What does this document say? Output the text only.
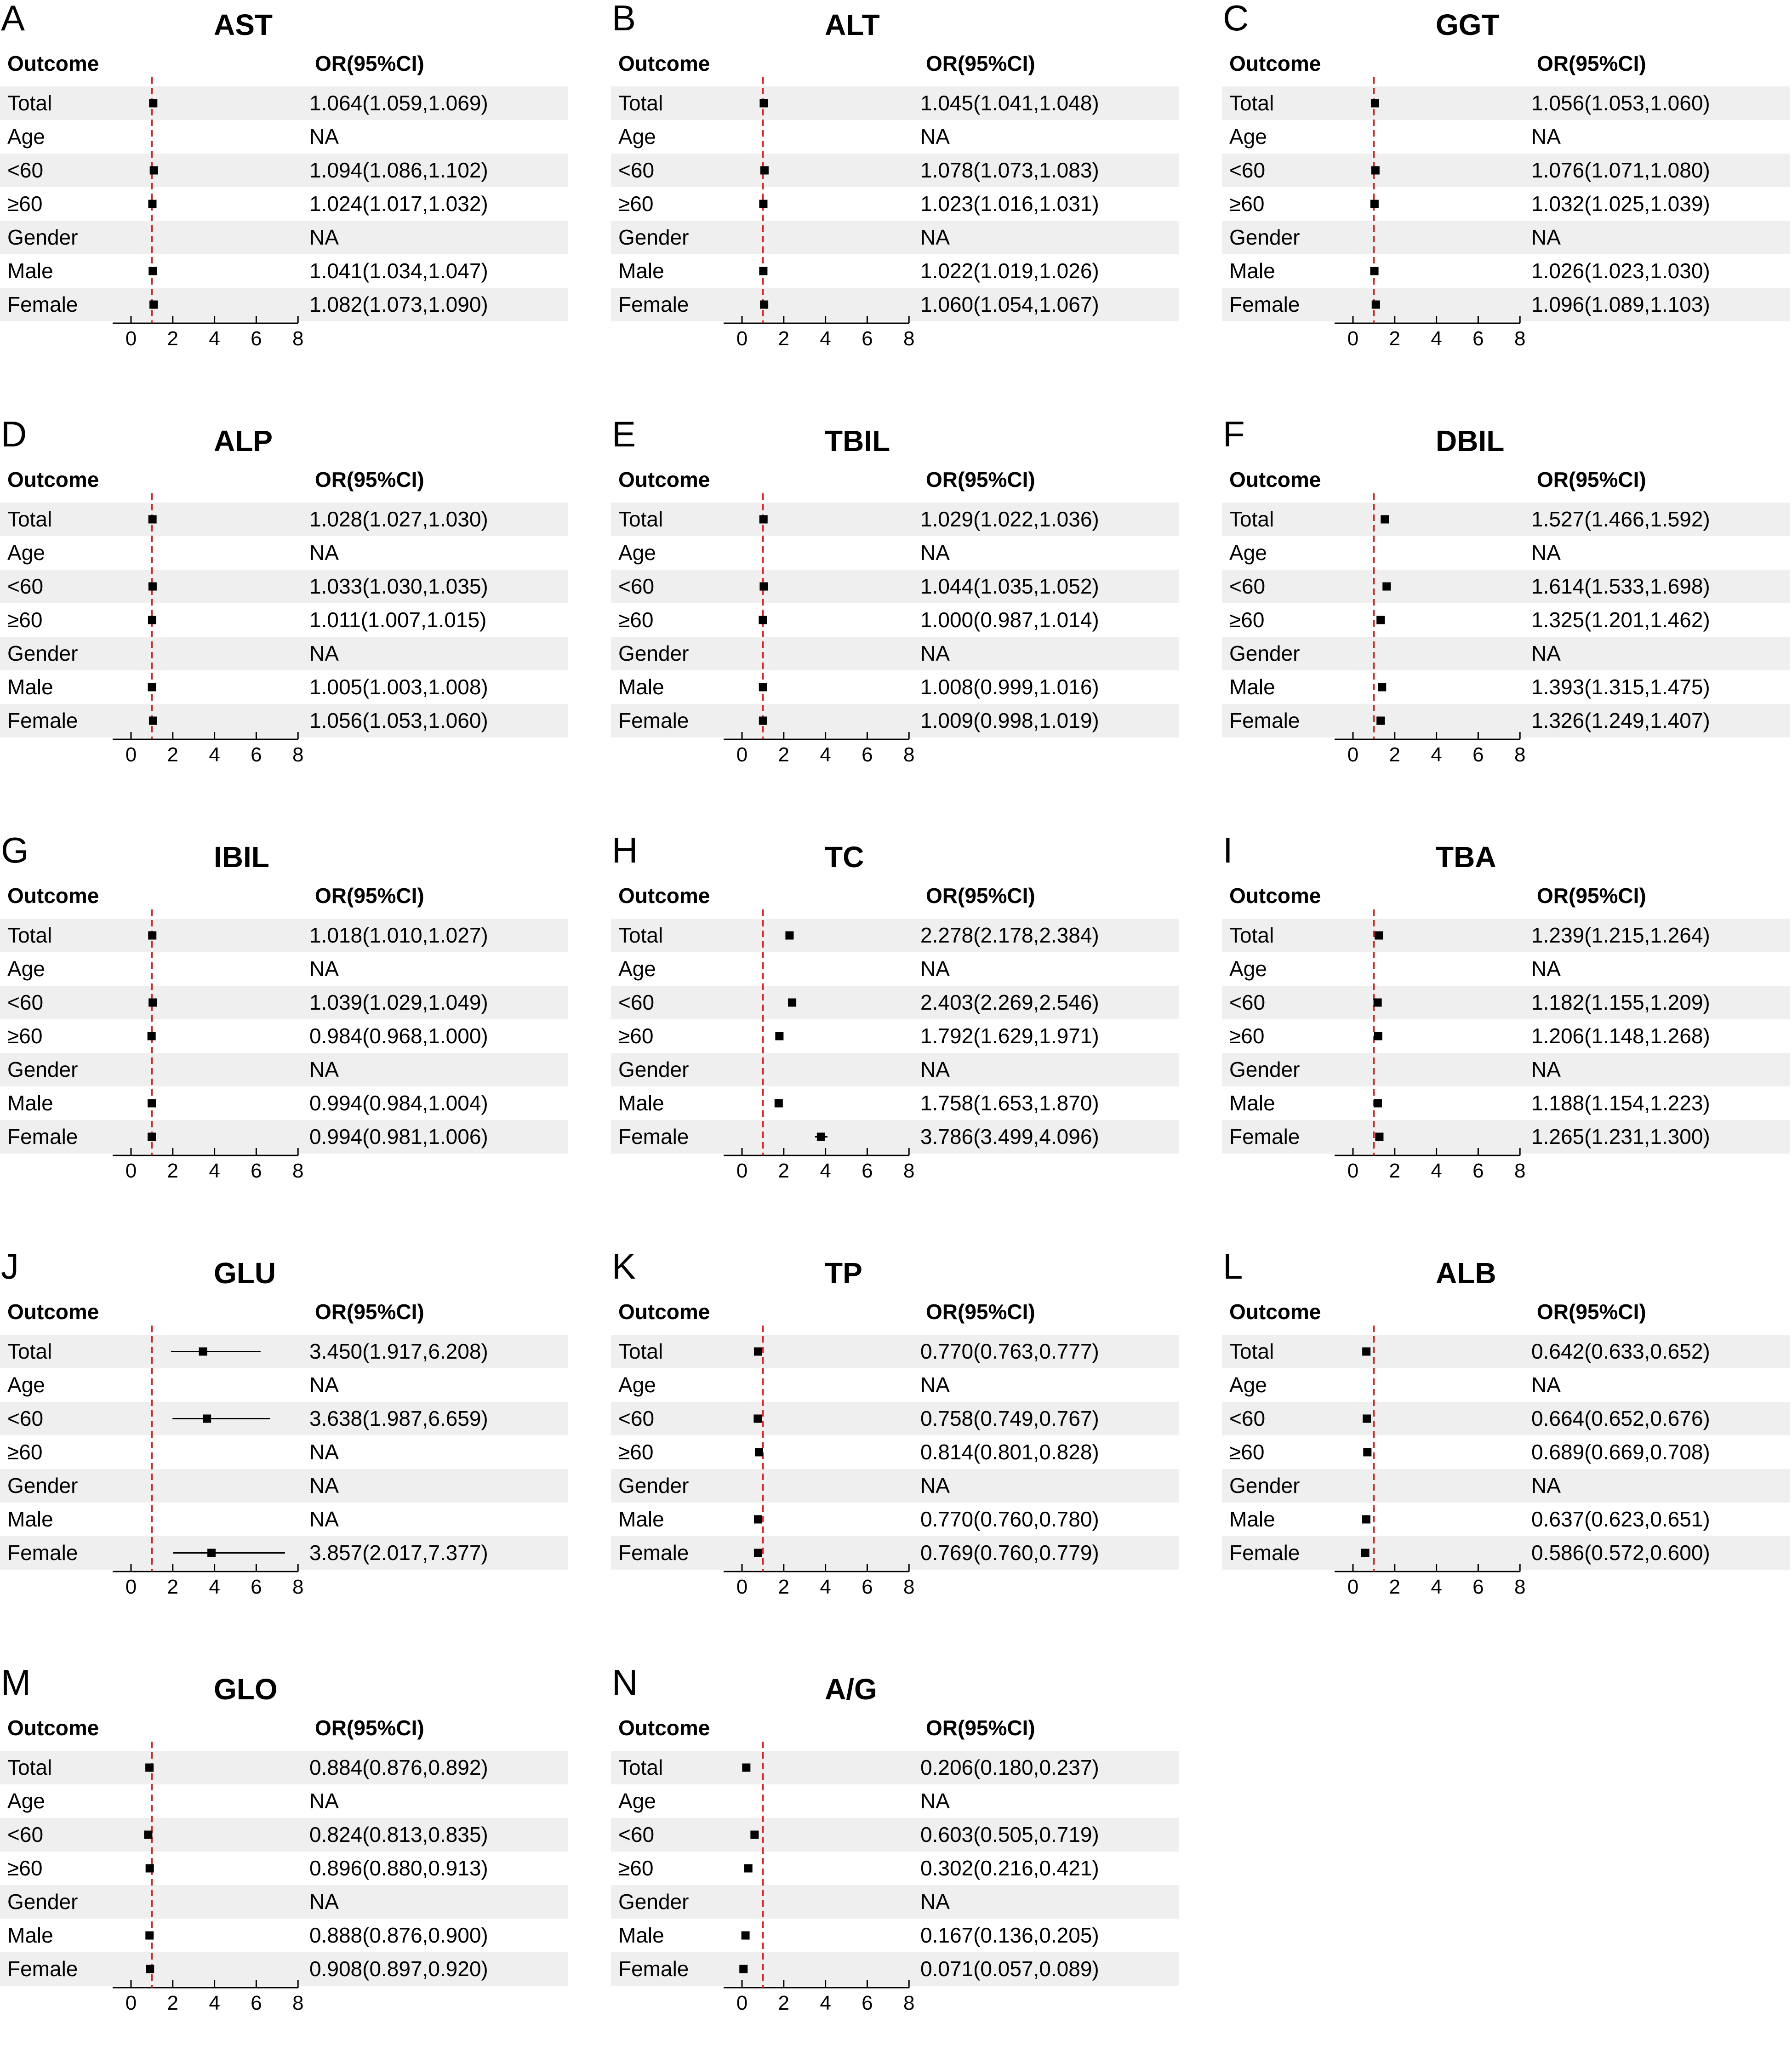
A	AST
Outcome	OR(95%CI)
Total	1.064(1.059,1.069)
Age	NA
<60	1.094(1.086,1.102)
≥60	1.024(1.017,1.032)
Gender	NA
Male	1.041(1.034,1.047)
Female	1.082(1.073,1.090)
0 2 4 6 8
B	ALT
Outcome	OR(95%CI)
Total	1.045(1.041,1.048)
Age	NA
<60	1.078(1.073,1.083)
≥60	1.023(1.016,1.031)
Gender	NA
Male	1.022(1.019,1.026)
Female	1.060(1.054,1.067)
0 2 4 6 8
C	GGT
Outcome	OR(95%CI)
Total	1.056(1.053,1.060)
Age	NA
<60	1.076(1.071,1.080)
≥60	1.032(1.025,1.039)
Gender	NA
Male	1.026(1.023,1.030)
Female	1.096(1.089,1.103)
0 2 4 6 8
D	ALP
Outcome	OR(95%CI)
Total	1.028(1.027,1.030)
Age	NA
<60	1.033(1.030,1.035)
≥60	1.011(1.007,1.015)
Gender	NA
Male	1.005(1.003,1.008)
Female	1.056(1.053,1.060)
0 2 4 6 8
E	TBIL
Outcome	OR(95%CI)
Total	1.029(1.022,1.036)
Age	NA
<60	1.044(1.035,1.052)
≥60	1.000(0.987,1.014)
Gender	NA
Male	1.008(0.999,1.016)
Female	1.009(0.998,1.019)
0 2 4 6 8
F	DBIL
Outcome	OR(95%CI)
Total	1.527(1.466,1.592)
Age	NA
<60	1.614(1.533,1.698)
≥60	1.325(1.201,1.462)
Gender	NA
Male	1.393(1.315,1.475)
Female	1.326(1.249,1.407)
0 2 4 6 8
G	IBIL
Outcome	OR(95%CI)
Total	1.018(1.010,1.027)
Age	NA
<60	1.039(1.029,1.049)
≥60	0.984(0.968,1.000)
Gender	NA
Male	0.994(0.984,1.004)
Female	0.994(0.981,1.006)
0 2 4 6 8
H	TC
Outcome	OR(95%CI)
Total	2.278(2.178,2.384)
Age	NA
<60	2.403(2.269,2.546)
≥60	1.792(1.629,1.971)
Gender	NA
Male	1.758(1.653,1.870)
Female	3.786(3.499,4.096)
0 2 4 6 8
I	TBA
Outcome	OR(95%CI)
Total	1.239(1.215,1.264)
Age	NA
<60	1.182(1.155,1.209)
≥60	1.206(1.148,1.268)
Gender	NA
Male	1.188(1.154,1.223)
Female	1.265(1.231,1.300)
0 2 4 6 8
J	GLU
Outcome	OR(95%CI)
Total	3.450(1.917,6.208)
Age	NA
<60	3.638(1.987,6.659)
≥60	NA
Gender	NA
Male	NA
Female	3.857(2.017,7.377)
0 2 4 6 8
K	TP
Outcome	OR(95%CI)
Total	0.770(0.763,0.777)
Age	NA
<60	0.758(0.749,0.767)
≥60	0.814(0.801,0.828)
Gender	NA
Male	0.770(0.760,0.780)
Female	0.769(0.760,0.779)
0 2 4 6 8
L	ALB
Outcome	OR(95%CI)
Total	0.642(0.633,0.652)
Age	NA
<60	0.664(0.652,0.676)
≥60	0.689(0.669,0.708)
Gender	NA
Male	0.637(0.623,0.651)
Female	0.586(0.572,0.600)
0 2 4 6 8
M	GLO
Outcome	OR(95%CI)
Total	0.884(0.876,0.892)
Age	NA
<60	0.824(0.813,0.835)
≥60	0.896(0.880,0.913)
Gender	NA
Male	0.888(0.876,0.900)
Female	0.908(0.897,0.920)
0 2 4 6 8
N	A/G
Outcome	OR(95%CI)
Total	0.206(0.180,0.237)
Age	NA
<60	0.603(0.505,0.719)
≥60	0.302(0.216,0.421)
Gender	NA
Male	0.167(0.136,0.205)
Female	0.071(0.057,0.089)
0 2 4 6 8
